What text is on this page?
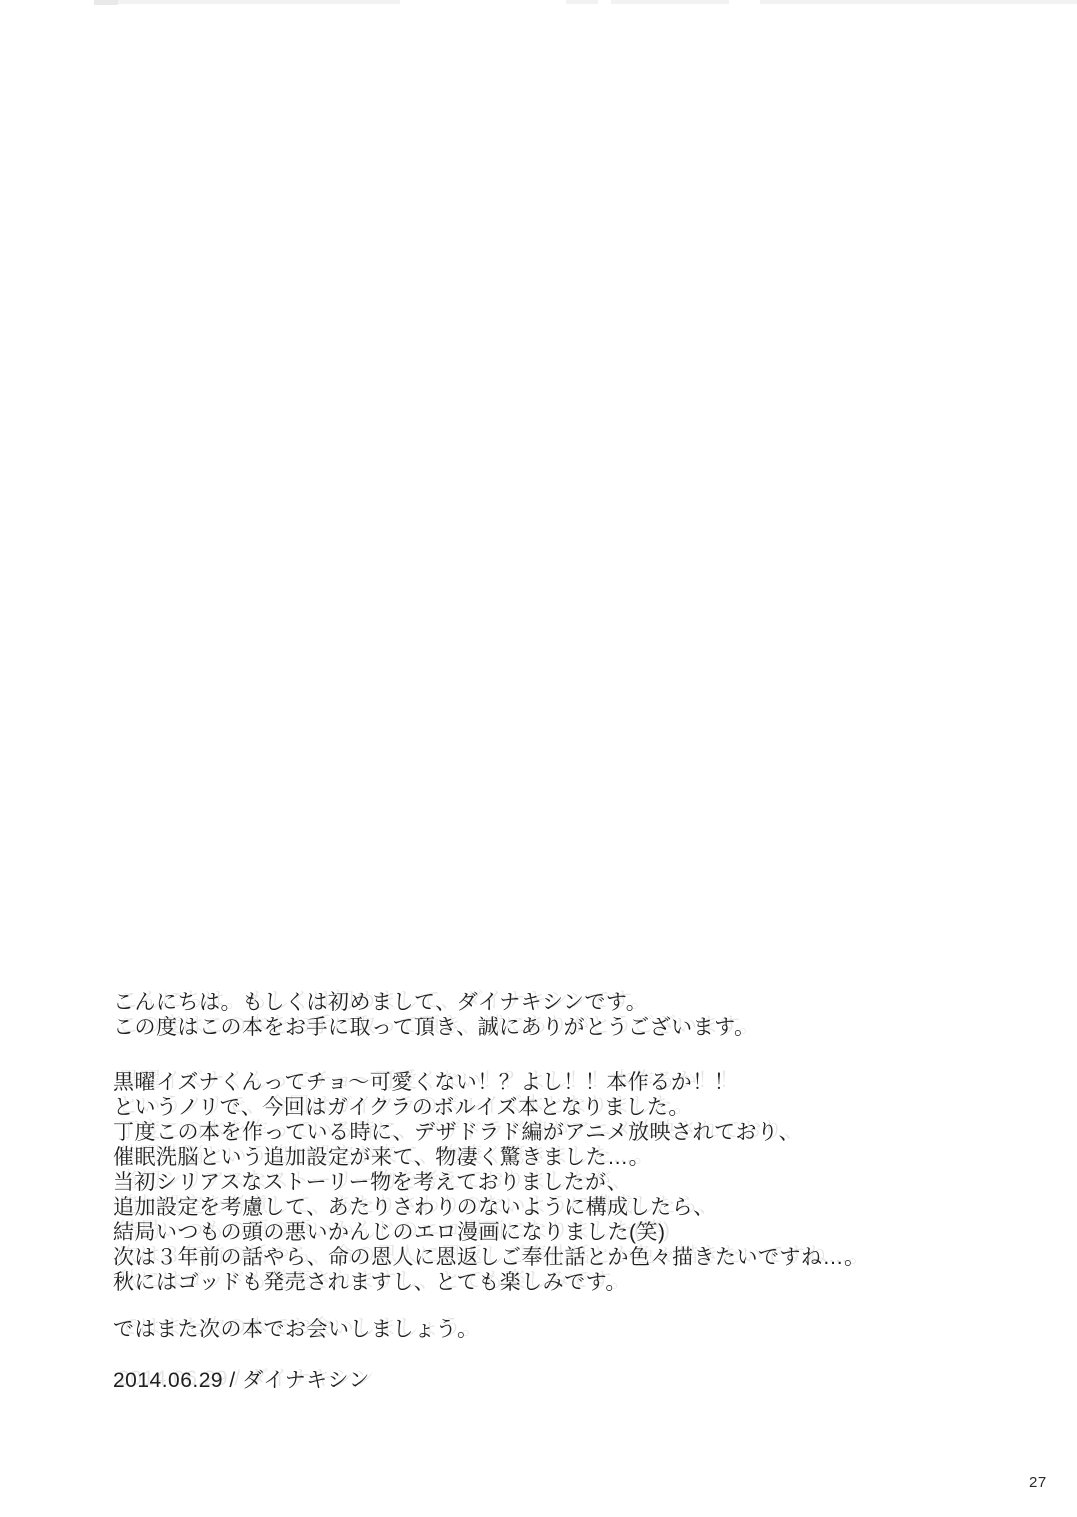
こんにちは。もしくは初めまして、ダイナキシンです。
この度はこの本をお手に取って頂き、誠にありがとうございます。
黒曜イズナくんってチョ〜可愛くない！？よし！！本作るか！！
というノリで、今回はガイクラのボルイズ本となりました。
丁度この本を作っている時に、デザドラド編がアニメ放映されており、
催眠洗脳という追加設定が来て、物凄く驚きました…。
当初シリアスなストーリー物を考えておりましたが、
追加設定を考慮して、あたりさわりのないように構成したら、
結局いつもの頭の悪いかんじのエロ漫画になりました(笑)
次は３年前の話やら、命の恩人に恩返しご奉仕話とか色々描きたいですね…。
秋にはゴッドも発売されますし、とても楽しみです。
ではまた次の本でお会いしましょう。
2014.06.29 / ダイナキシン
27
